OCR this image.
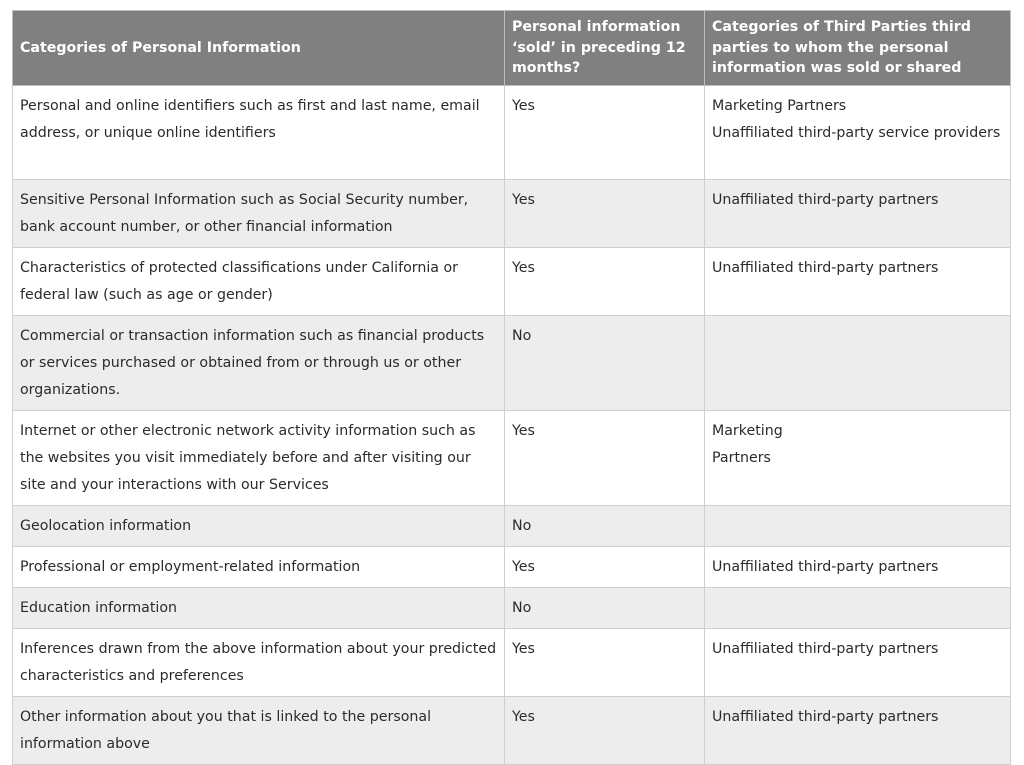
Categories of Personal Information	Personal information ‘sold’ in preceding 12 months?	Categories of Third Parties third parties to whom the personal information was sold or shared
Personal and online identifiers such as first and last name, email address, or unique online identifiers	Yes	Marketing Partners
Unaffiliated third-party service providers

Sensitive Personal Information such as Social Security number, bank account number, or other financial information	Yes	Unaffiliated third-party partners

Characteristics of protected classifications under California or federal law (such as age or gender)	Yes	Unaffiliated third-party partners

Commercial or transaction information such as financial products or services purchased or obtained from or through us or other organizations.	No	
Internet or other electronic network activity information such as the websites you visit immediately before and after visiting our site and your interactions with our Services	Yes	Marketing
Partners

Geolocation information	No	
Professional or employment-related information	Yes	Unaffiliated third-party partners

Education information	No	
Inferences drawn from the above information about your predicted characteristics and preferences	Yes	Unaffiliated third-party partners

Other information about you that is linked to the personal information above	Yes	Unaffiliated third-party partners
